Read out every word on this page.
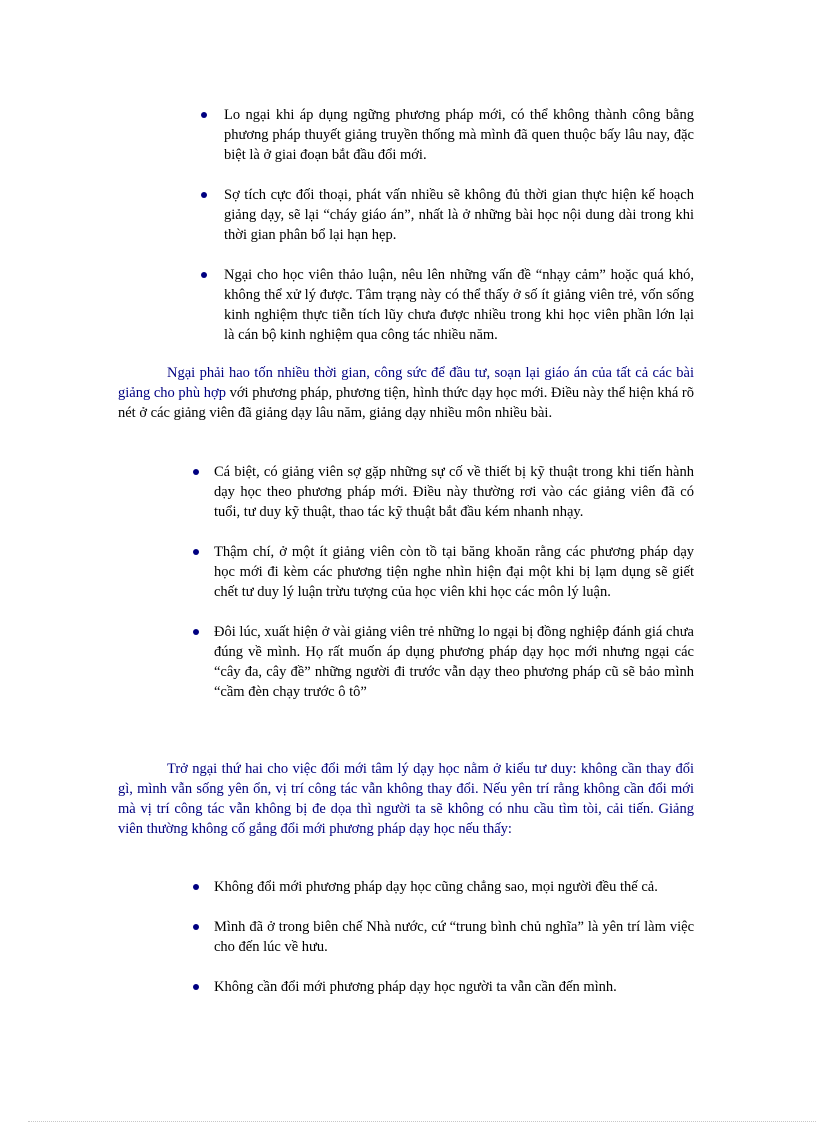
Lo ngại khi áp dụng ngững phương pháp mới, có thể không thành công bằng phương pháp thuyết giảng truyền thống mà mình đã quen thuộc bấy lâu nay, đặc biệt là ở giai đoạn bắt đầu đổi mới.
Sợ tích cực đối thoại, phát vấn nhiều sẽ không đủ thời gian thực hiện kế hoạch giảng dạy, sẽ lại “cháy giáo án”, nhất là ở những bài học nội dung dài trong khi thời gian phân bổ lại hạn hẹp.
Ngại cho học viên thảo luận, nêu lên những vấn đề “nhạy cảm” hoặc quá khó, không thể xử lý được. Tâm trạng này có thể thấy ở số ít giảng viên trẻ, vốn sống kinh nghiệm thực tiễn tích lũy chưa được nhiều trong khi học viên phần lớn lại là cán bộ kinh nghiệm qua công tác nhiều năm.

Ngại phải hao tốn nhiều thời gian, công sức để đầu tư, soạn lại giáo án của tất cả các bài giảng cho phù hợp với phương pháp, phương tiện, hình thức dạy học mới. Điều này thể hiện khá rõ nét ở các giảng viên đã giảng dạy lâu năm, giảng dạy nhiều môn nhiều bài.

Cá biệt, có giảng viên sợ gặp những sự cố về thiết bị kỹ thuật trong khi tiến hành dạy học theo phương pháp mới. Điều này thường rơi vào các giảng viên đã có tuổi, tư duy kỹ thuật, thao tác kỹ thuật bắt đầu kém nhanh nhạy.
Thậm chí, ở một ít giảng viên còn tồ tại băng khoăn rằng các phương pháp dạy học mới đi kèm các phương tiện nghe nhìn hiện đại một khi bị lạm dụng sẽ giết chết tư duy lý luận trừu tượng của học viên khi học các môn lý luận.
Đôi lúc, xuất hiện ở vài giảng viên trẻ những lo ngại bị đồng nghiệp đánh giá chưa đúng về mình. Họ rất muốn áp dụng phương pháp dạy học mới nhưng ngại các “cây đa, cây đề” những người đi trước vẫn dạy theo phương pháp cũ sẽ bảo mình “cầm đèn chạy trước ô tô”

Trở ngại thứ hai cho việc đổi mới tâm lý dạy học nằm ở kiểu tư duy: không cần thay đổi gì, mình vẫn sống yên ổn, vị trí công tác vẫn không thay đổi. Nếu yên trí rằng không cần đổi mới mà vị trí công tác vẫn không bị đe dọa thì người ta sẽ không có nhu cầu tìm tòi, cải tiến. Giảng viên thường không cố gắng đổi mới phương pháp dạy học nếu thấy:

Không đổi mới phương pháp dạy học cũng chẳng sao, mọi người đều thế cả.
Mình đã ở trong biên chế Nhà nước, cứ “trung bình chủ nghĩa” là yên trí làm việc cho đến lúc về hưu.
Không cần đổi mới phương pháp dạy học người ta vẫn cần đến mình.
